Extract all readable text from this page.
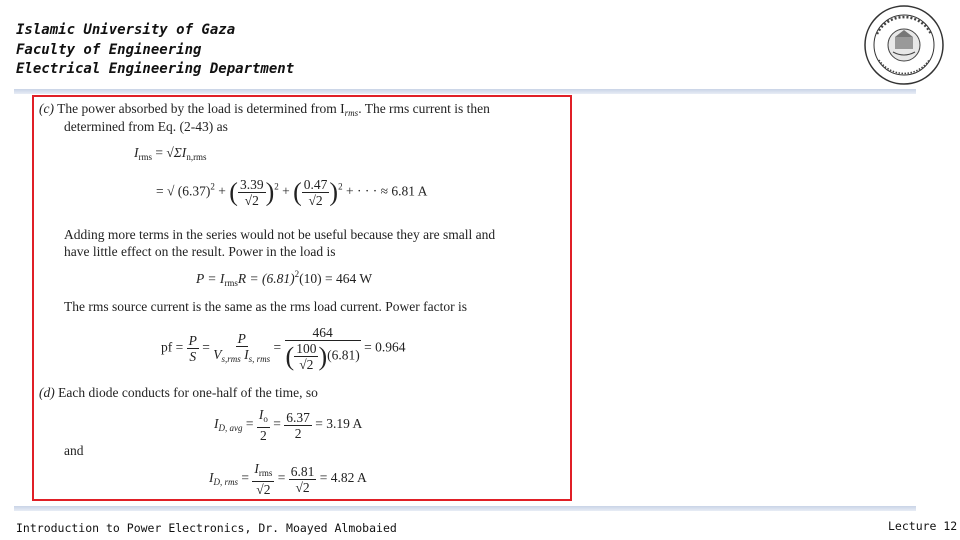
Islamic University of Gaza
Faculty of Engineering
Electrical Engineering Department
(c) The power absorbed by the load is determined from $I_{rms}$. The rms current is then
determined from Eq. (2-43) as
$I_{rms} = √\Sigma I_{n,rms}$
= √ $(6.37)^2$ + ( $\frac{3.39}{√2} )^2$ + ( $\frac{0.47}{√2} )^2$ + · · · ≈ 6.81 A
Adding more terms in the series would not be useful because they are small and
have little effect on the result. Power in the load is
$P = I_{rms}R = (6.81)^2(10) = 464$ W
The rms source current is the same as the rms load current. Power factor is
pf = $\frac{P}{S} = \frac{P}{V_{s,rms} I_{s, rms}} = \frac{464}{( \frac{100}{√2} )(6.81)} = 0.964$
(d) Each diode conducts for one-half of the time, so
$I_{D, avg} = \frac{I_o}{2} = \frac{6.37}{2} = 3.19$ A
and
$I_{D, rms} = \frac{I_{rms}}{√2} = \frac{6.81}{√2} = 4.82$ A
Introduction to Power Electronics, Dr. Moayed Almobaied	Lecture 12
